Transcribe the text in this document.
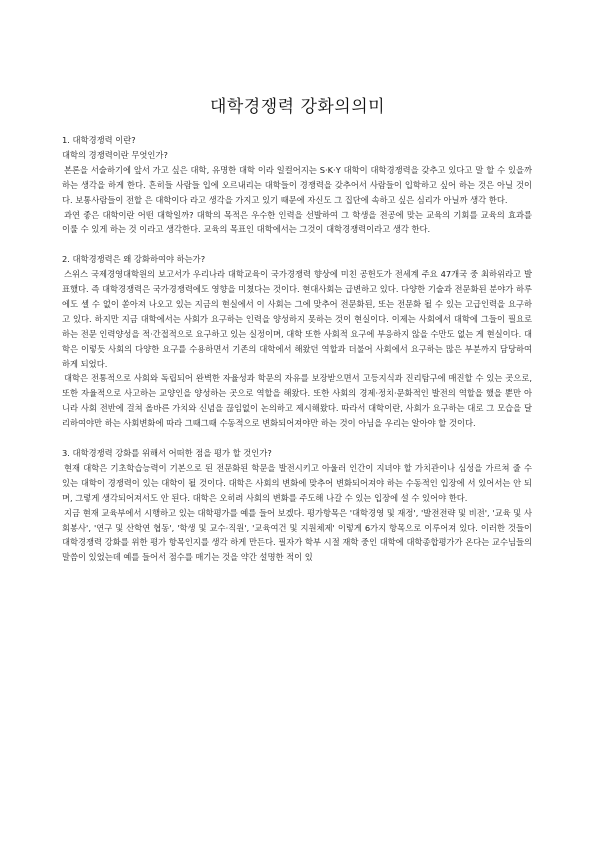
대학경쟁력 강화의의미

1. 대학경쟁력 이란?

대학의 경쟁력이란 무엇인가?

본론을 서술하기에 앞서 가고 싶은 대학, 유명한 대학 이라 일컬어지는 S·K·Y 대학이 대학경쟁력을 갖추고 있다고 말 할 수 있을까하는 생각을 하게 한다. 흔히들 사람들 입에 오르내리는 대학들이 경쟁력을 갖추어서 사람들이 입학하고 싶어 하는 것은 아닐 것이다. 보통사람들이 전할 은 대학이다 라고 생각을 가지고 있기 때문에 자신도 그 집단에 속하고 싶은 심리가 아닐까 생각 한다.

과연 좋은 대학이란 어떤 대학일까? 대학의 목적은 우수한 인력을 선발하여 그 학생을 전공에 맞는 교육의 기회를 교육의 효과를 이룰 수 있게 하는 것 이라고 생각한다. 교육의 목표인 대학에서는 그것이 대학경쟁력이라고 생각 한다.

2. 대학경쟁력은 왜 강화하여야 하는가?

스위스 국제경영대학원의 보고서가 우리나라 대학교육이 국가경쟁력 향상에 미친 공헌도가 전세계 주요 47개국 중 최하위라고 발표했다. 즉 대학경쟁력은 국가경쟁력에도 영향을 미쳤다는 것이다. 현대사회는 급변하고 있다. 다양한 기술과 전문화된 분야가 하루에도 셀 수 없이 쏟아져 나오고 있는 지금의 현실에서 이 사회는 그에 맞추어 전문화된, 또는 전문화 될 수 있는 고급인력을 요구하고 있다. 하지만 지금 대학에서는 사회가 요구하는 인력을 양성하지 못하는 것이 현실이다. 이제는 사회에서 대학에 그들이 필요로 하는 전문 인력양성을 적·간접적으로 요구하고 있는 실정이며, 대학 또한 사회적 요구에 부응하지 않을 수만도 없는 게 현실이다. 대학은 이렇듯 사회의 다양한 요구를 수용하면서 기존의 대학에서 해왔던 역할과 더불어 사회에서 요구하는 많은 부분까지 담당하여 하게 되었다.

대학은 전통적으로 사회와 독립되어 완벽한 자율성과 학문의 자유를 보장받으면서 고등지식과 진리탐구에 매진할 수 있는 곳으로, 또한 자율적으로 사고하는 교양인을 양성하는 곳으로 역할을 해왔다. 또한 사회의 경제·정치·문화적인 발전의 역할을 했을 뿐만 아니라 사회 전반에 걸쳐 올바른 가치와 신념을 끊임없이 논의하고 제시해왔다. 따라서 대학이란, 사회가 요구하는 대로 그 모습을 달리하여야만 하는 사회변화에 따라 그때그때 수동적으로 변화되어져야만 하는 것이 아님을 우리는 알아야 할 것이다.

3. 대학경쟁력 강화를 위해서 어떠한 점을 평가 할 것인가?

현재 대학은 기초학습능력이 기본으로 된 전문화된 학문을 발전시키고 아울러 인간이 지녀야 할 가치관이나 심성을 가르쳐 줄 수 있는 대학이 경쟁력이 있는 대학이 될 것이다. 대학은 사회의 변화에 맞추어 변화되어져야 하는 수동적인 입장에 서 있어서는 안 되며, 그렇게 생각되어져서도 안 된다. 대학은 오히려 사회의 변화를 주도해 나갈 수 있는 입장에 설 수 있어야 한다.

지금 현재 교육부에서 시행하고 있는 대학평가를 예를 들어 보겠다. 평가항목은 '대학경영 및 재정', '발전전략 및 비전', '교육 및 사회봉사', '연구 및 산학연 협동', '학생 및 교수·직원', '교육여건 및 지원체제' 이렇게 6가지 항목으로 이루어져 있다. 이러한 것들이 대학경쟁력 강화를 위한 평가 항목인지를 생각 하게 만든다. 필자가 학부 시절 재학 중인 대학에 대학종합평가가 온다는 교수님들의 말씀이 있었는데 예를 들어서 점수를 매기는 것을 약간 설명한 적이 있
